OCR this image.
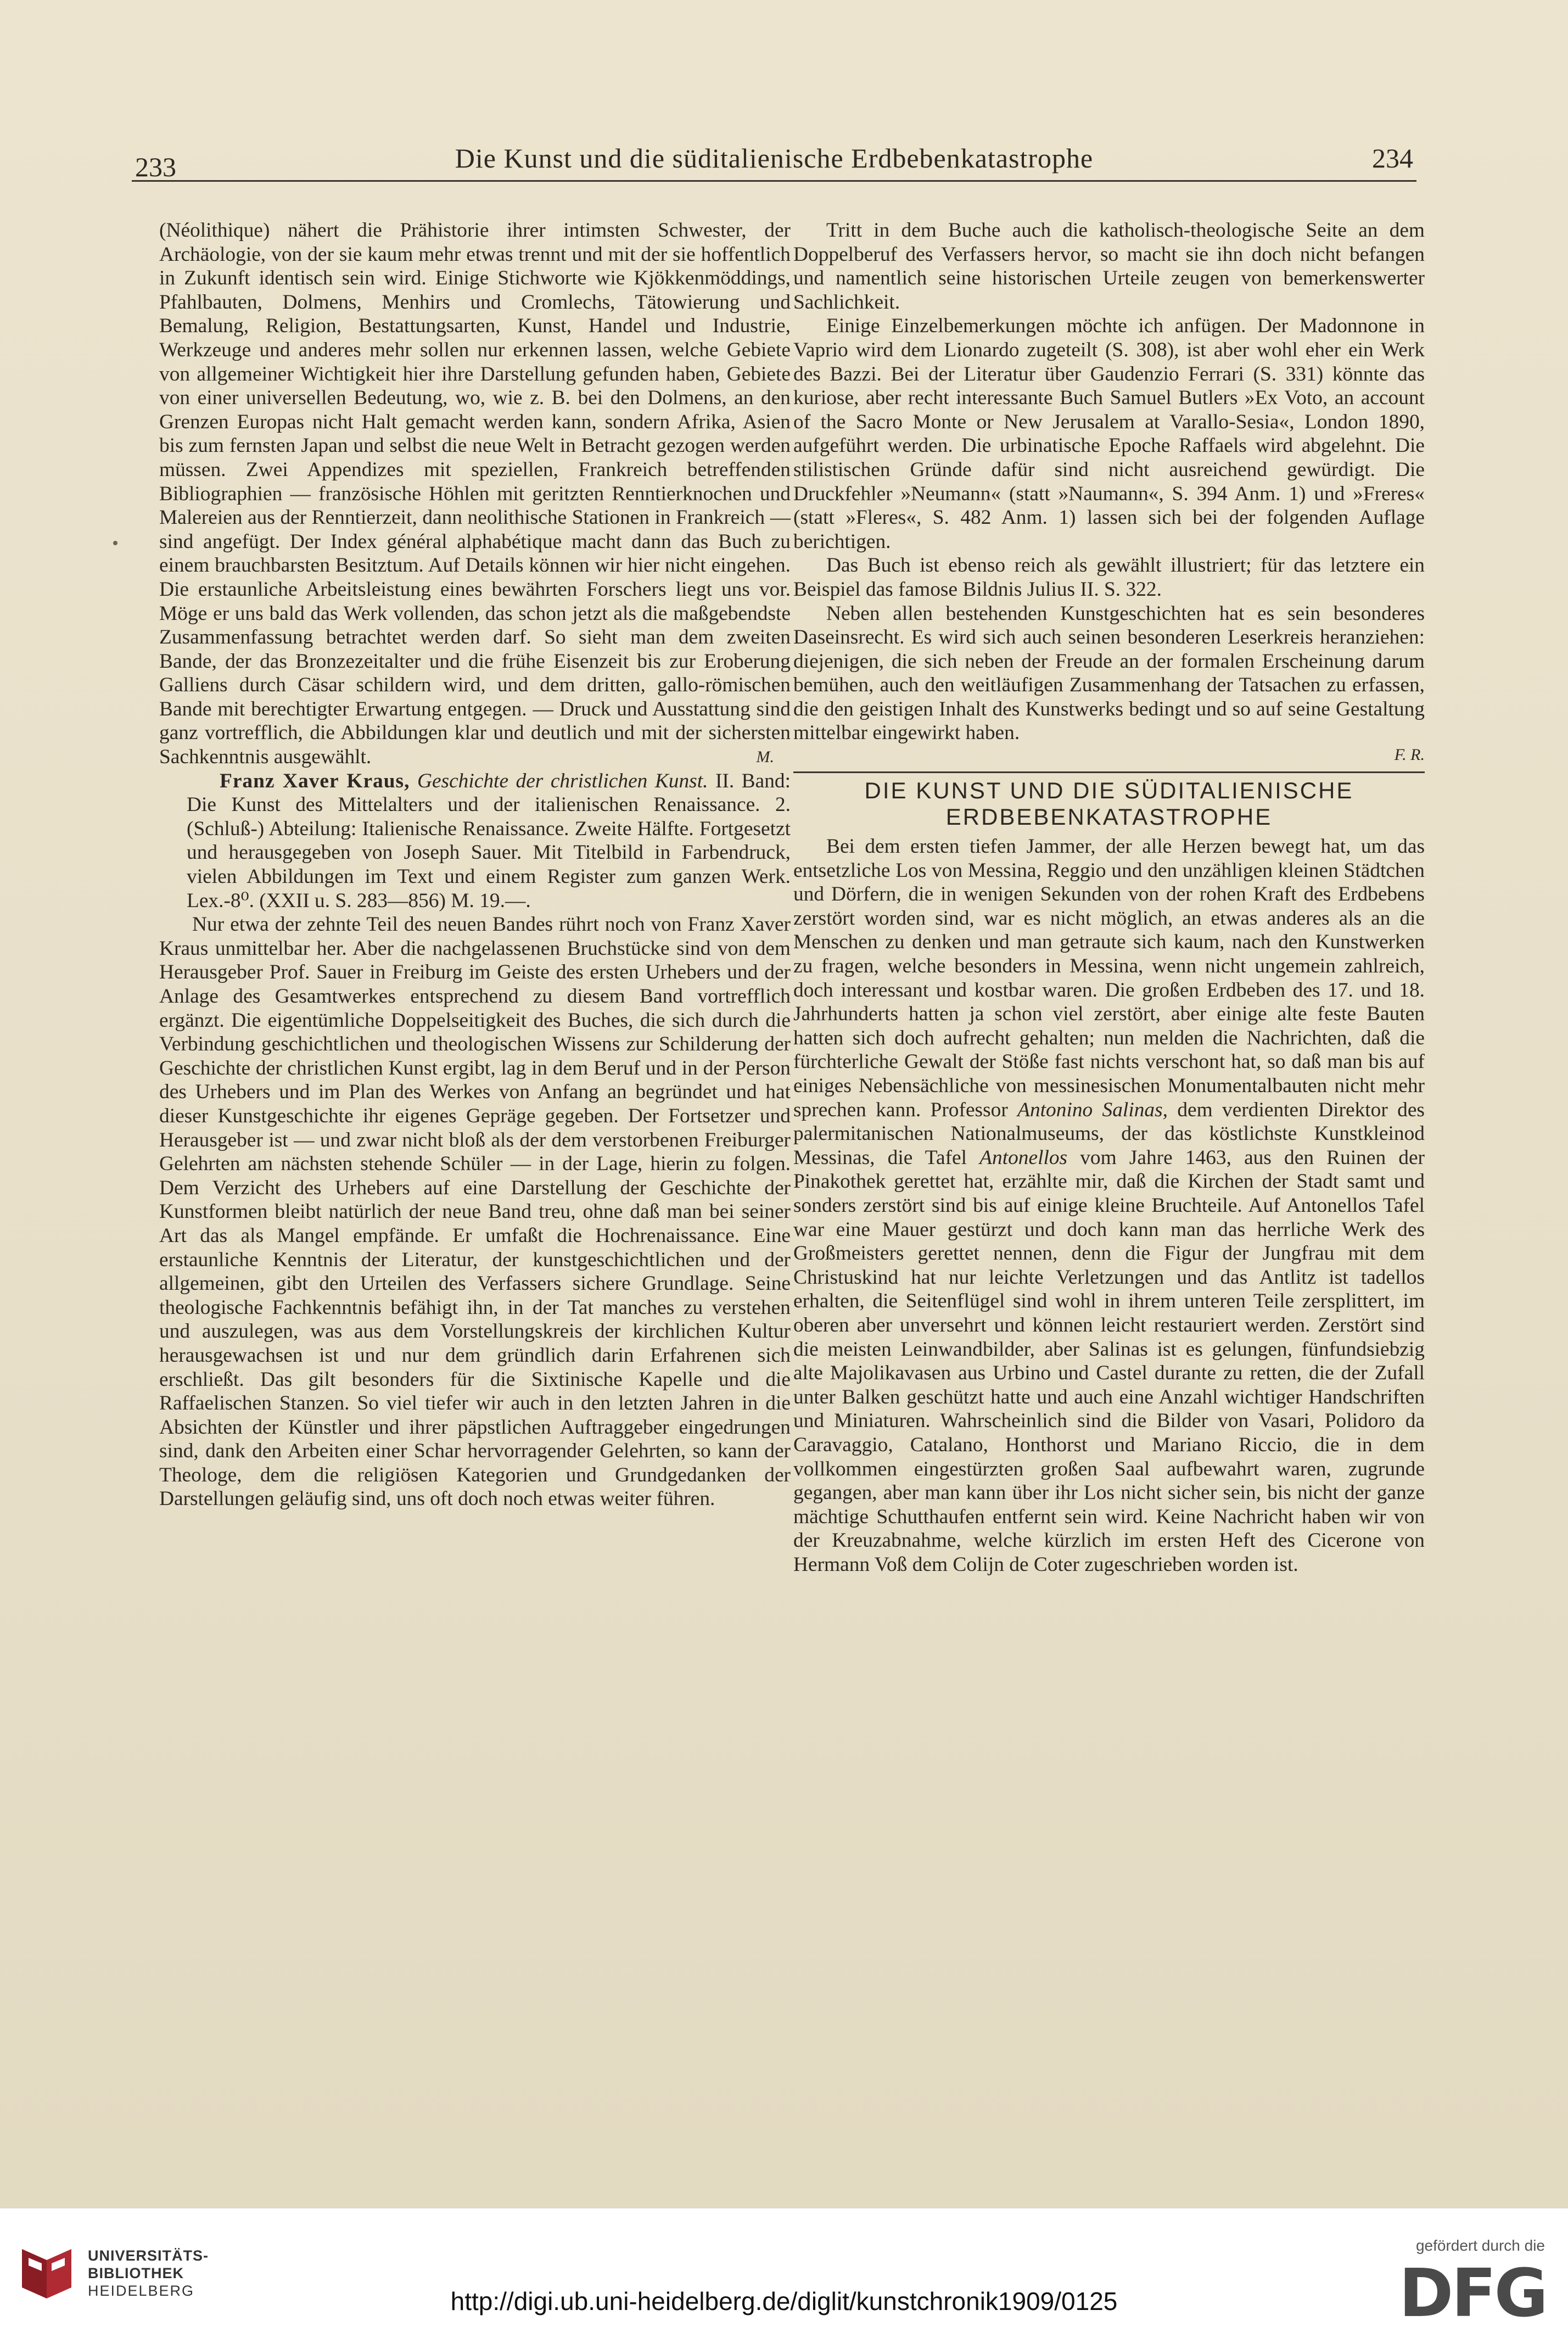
233	Die Kunst und die süditalienische Erdbebenkatastrophe	234

(Néolithique) nähert die Prähistorie ihrer intimsten Schwester, der Archäologie, von der sie kaum mehr etwas trennt und mit der sie hoffentlich in Zukunft identisch sein wird. Einige Stichworte wie Kjökkenmöddings, Pfahlbauten, Dolmens, Menhirs und Cromlechs, Tätowierung und Bemalung, Religion, Bestattungsarten, Kunst, Handel und Industrie, Werkzeuge und anderes mehr sollen nur erkennen lassen, welche Gebiete von allgemeiner Wichtigkeit hier ihre Darstellung gefunden haben, Gebiete von einer universellen Bedeutung, wo, wie z. B. bei den Dolmens, an den Grenzen Europas nicht Halt gemacht werden kann, sondern Afrika, Asien bis zum fernsten Japan und selbst die neue Welt in Betracht gezogen werden müssen. Zwei Appendizes mit speziellen, Frankreich betreffenden Bibliographien — französische Höhlen mit geritzten Renntierknochen und Malereien aus der Renntierzeit, dann neolithische Stationen in Frankreich — sind angefügt. Der Index général alphabétique macht dann das Buch zu einem brauchbarsten Besitztum. Auf Details können wir hier nicht eingehen. Die erstaunliche Arbeitsleistung eines bewährten Forschers liegt uns vor. Möge er uns bald das Werk vollenden, das schon jetzt als die maßgebendste Zusammenfassung betrachtet werden darf. So sieht man dem zweiten Bande, der das Bronzezeitalter und die frühe Eisenzeit bis zur Eroberung Galliens durch Cäsar schildern wird, und dem dritten, gallo-römischen Bande mit berechtigter Erwartung entgegen. — Druck und Ausstattung sind ganz vortrefflich, die Abbildungen klar und deutlich und mit der sichersten Sachkenntnis ausgewählt.	M.

Franz Xaver Kraus, Geschichte der christlichen Kunst. II. Band: Die Kunst des Mittelalters und der italienischen Renaissance. 2. (Schluß-) Abteilung: Italienische Renaissance. Zweite Hälfte. Fortgesetzt und herausgegeben von Joseph Sauer. Mit Titelbild in Farbendruck, vielen Abbildungen im Text und einem Register zum ganzen Werk. Lex.-8⁰. (XXII u. S. 283—856) M. 19.—.

Nur etwa der zehnte Teil des neuen Bandes rührt noch von Franz Xaver Kraus unmittelbar her. Aber die nachgelassenen Bruchstücke sind von dem Herausgeber Prof. Sauer in Freiburg im Geiste des ersten Urhebers und der Anlage des Gesamtwerkes entsprechend zu diesem Band vortrefflich ergänzt. Die eigentümliche Doppelseitigkeit des Buches, die sich durch die Verbindung geschichtlichen und theologischen Wissens zur Schilderung der Geschichte der christlichen Kunst ergibt, lag in dem Beruf und in der Person des Urhebers und im Plan des Werkes von Anfang an begründet und hat dieser Kunstgeschichte ihr eigenes Gepräge gegeben. Der Fortsetzer und Herausgeber ist — und zwar nicht bloß als der dem verstorbenen Freiburger Gelehrten am nächsten stehende Schüler — in der Lage, hierin zu folgen. Dem Verzicht des Urhebers auf eine Darstellung der Geschichte der Kunstformen bleibt natürlich der neue Band treu, ohne daß man bei seiner Art das als Mangel empfände. Er umfaßt die Hochrenaissance. Eine erstaunliche Kenntnis der Literatur, der kunstgeschichtlichen und der allgemeinen, gibt den Urteilen des Verfassers sichere Grundlage. Seine theologische Fachkenntnis befähigt ihn, in der Tat manches zu verstehen und auszulegen, was aus dem Vorstellungskreis der kirchlichen Kultur herausgewachsen ist und nur dem gründlich darin Erfahrenen sich erschließt. Das gilt besonders für die Sixtinische Kapelle und die Raffaelischen Stanzen. So viel tiefer wir auch in den letzten Jahren in die Absichten der Künstler und ihrer päpstlichen Auftraggeber eingedrungen sind, dank den Arbeiten einer Schar hervorragender Gelehrten, so kann der Theologe, dem die religiösen Kategorien und Grundgedanken der Darstellungen geläufig sind, uns oft doch noch etwas weiter führen.

Tritt in dem Buche auch die katholisch-theologische Seite an dem Doppelberuf des Verfassers hervor, so macht sie ihn doch nicht befangen und namentlich seine historischen Urteile zeugen von bemerkenswerter Sachlichkeit.

Einige Einzelbemerkungen möchte ich anfügen. Der Madonnone in Vaprio wird dem Lionardo zugeteilt (S. 308), ist aber wohl eher ein Werk des Bazzi. Bei der Literatur über Gaudenzio Ferrari (S. 331) könnte das kuriose, aber recht interessante Buch Samuel Butlers »Ex Voto, an account of the Sacro Monte or New Jerusalem at Varallo-Sesia«, London 1890, aufgeführt werden. Die urbinatische Epoche Raffaels wird abgelehnt. Die stilistischen Gründe dafür sind nicht ausreichend gewürdigt. Die Druckfehler »Neumann« (statt »Naumann«, S. 394 Anm. 1) und »Freres« (statt »Fleres«, S. 482 Anm. 1) lassen sich bei der folgenden Auflage berichtigen.

Das Buch ist ebenso reich als gewählt illustriert; für das letztere ein Beispiel das famose Bildnis Julius II. S. 322.

Neben allen bestehenden Kunstgeschichten hat es sein besonderes Daseinsrecht. Es wird sich auch seinen besonderen Leserkreis heranziehen: diejenigen, die sich neben der Freude an der formalen Erscheinung darum bemühen, auch den weitläufigen Zusammenhang der Tatsachen zu erfassen, die den geistigen Inhalt des Kunstwerks bedingt und so auf seine Gestaltung mittelbar eingewirkt haben.

F. R.
DIE KUNST UND DIE SÜDITALIENISCHE
ERDBEBENKATASTROPHE

Bei dem ersten tiefen Jammer, der alle Herzen bewegt hat, um das entsetzliche Los von Messina, Reggio und den unzähligen kleinen Städtchen und Dörfern, die in wenigen Sekunden von der rohen Kraft des Erdbebens zerstört worden sind, war es nicht möglich, an etwas anderes als an die Menschen zu denken und man getraute sich kaum, nach den Kunstwerken zu fragen, welche besonders in Messina, wenn nicht ungemein zahlreich, doch interessant und kostbar waren. Die großen Erdbeben des 17. und 18. Jahrhunderts hatten ja schon viel zerstört, aber einige alte feste Bauten hatten sich doch aufrecht gehalten; nun melden die Nachrichten, daß die fürchterliche Gewalt der Stöße fast nichts verschont hat, so daß man bis auf einiges Nebensächliche von messinesischen Monumentalbauten nicht mehr sprechen kann. Professor Antonino Salinas, dem verdienten Direktor des palermitanischen Nationalmuseums, der das köstlichste Kunstkleinod Messinas, die Tafel Antonellos vom Jahre 1463, aus den Ruinen der Pinakothek gerettet hat, erzählte mir, daß die Kirchen der Stadt samt und sonders zerstört sind bis auf einige kleine Bruchteile. Auf Antonellos Tafel war eine Mauer gestürzt und doch kann man das herrliche Werk des Großmeisters gerettet nennen, denn die Figur der Jungfrau mit dem Christuskind hat nur leichte Verletzungen und das Antlitz ist tadellos erhalten, die Seitenflügel sind wohl in ihrem unteren Teile zersplittert, im oberen aber unversehrt und können leicht restauriert werden. Zerstört sind die meisten Leinwandbilder, aber Salinas ist es gelungen, fünfundsiebzig alte Majolikavasen aus Urbino und Castel durante zu retten, die der Zufall unter Balken geschützt hatte und auch eine Anzahl wichtiger Handschriften und Miniaturen. Wahrscheinlich sind die Bilder von Vasari, Polidoro da Caravaggio, Catalano, Honthorst und Mariano Riccio, die in dem vollkommen eingestürzten großen Saal aufbewahrt waren, zugrunde gegangen, aber man kann über ihr Los nicht sicher sein, bis nicht der ganze mächtige Schutthaufen entfernt sein wird. Keine Nachricht haben wir von der Kreuzabnahme, welche kürzlich im ersten Heft des Cicerone von Hermann Voß dem Colijn de Coter zugeschrieben worden ist.

UNIVERSITÄTS-
BIBLIOTHEK
HEIDELBERG	http://digi.ub.uni-heidelberg.de/diglit/kunstchronik1909/0125
gefördert durch die
DFG
